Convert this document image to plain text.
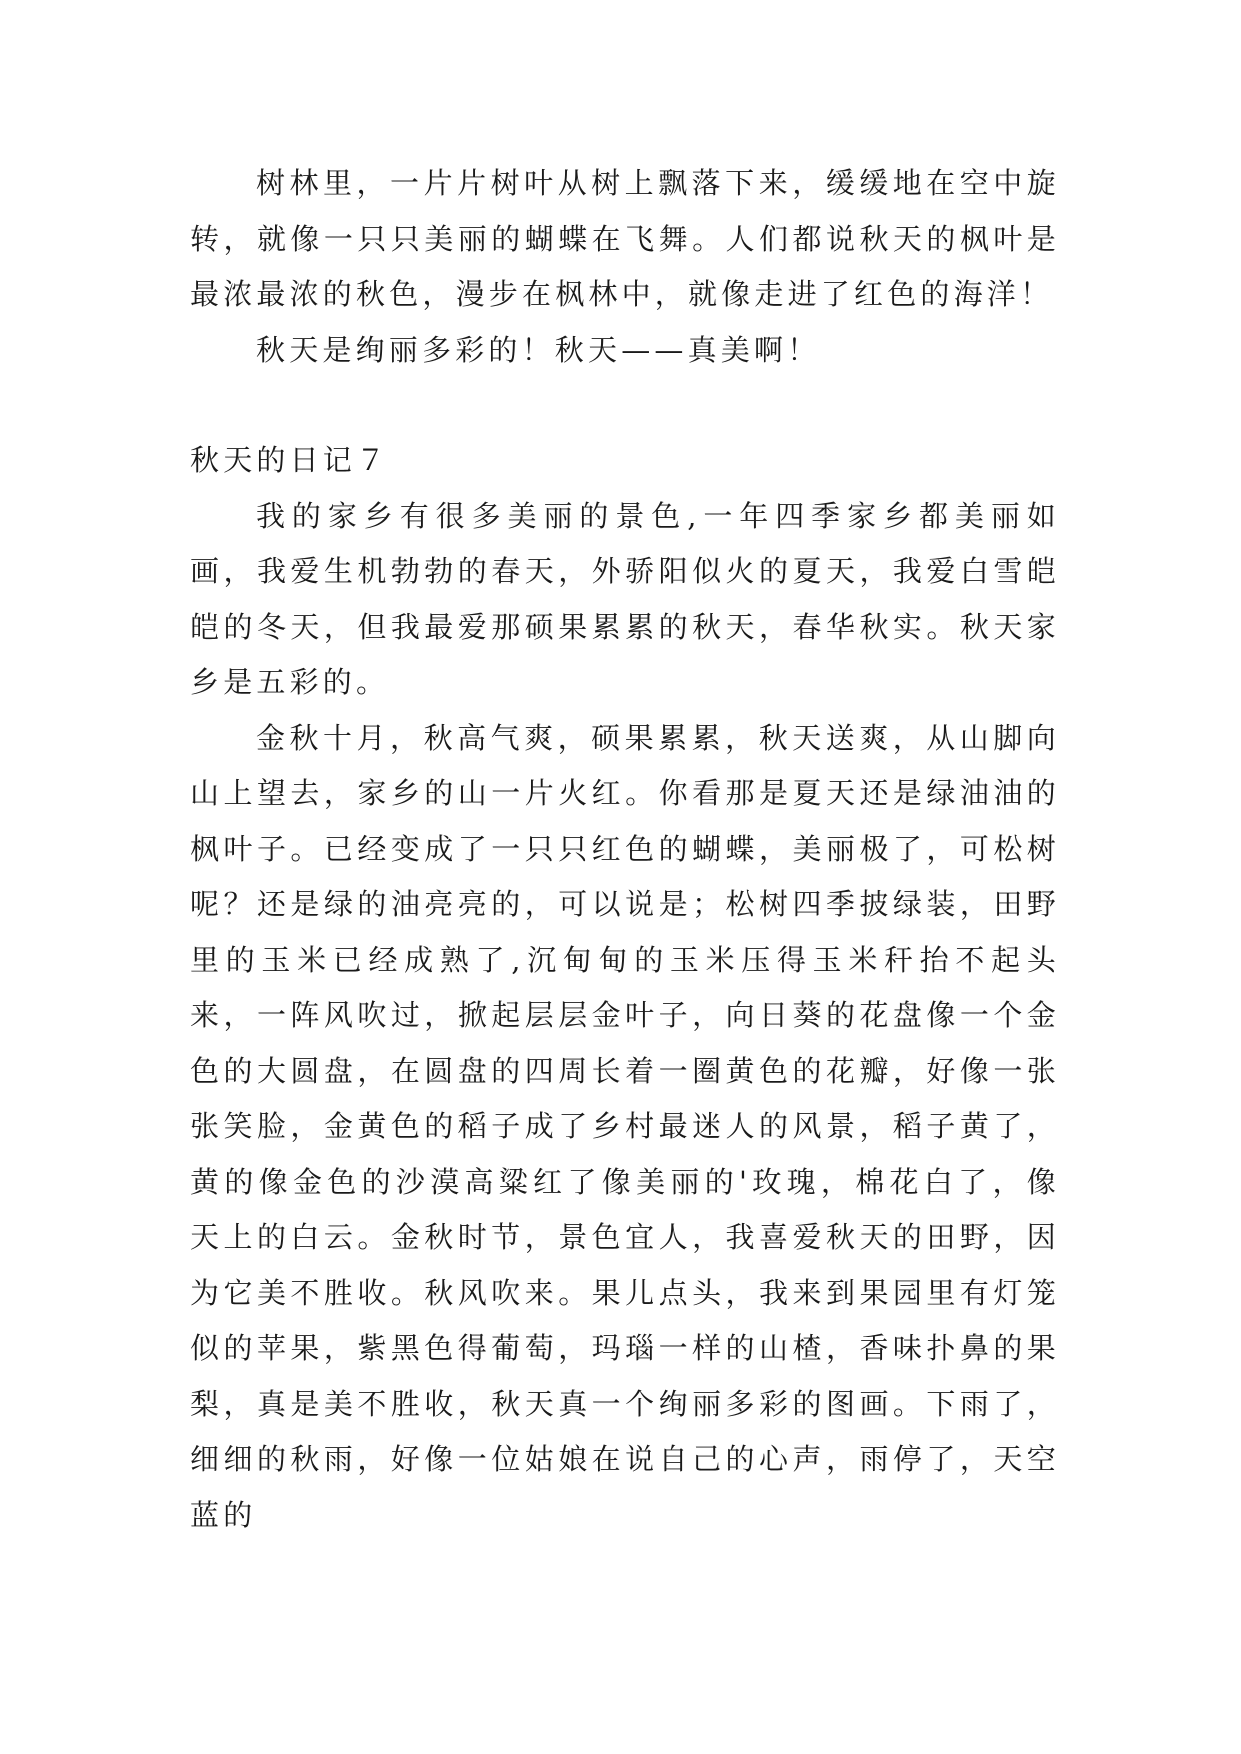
树林里，一片片树叶从树上飘落下来，缓缓地在空中旋转，就像一只只美丽的蝴蝶在飞舞。人们都说秋天的枫叶是最浓最浓的秋色，漫步在枫林中，就像走进了红色的海洋！

秋天是绚丽多彩的！秋天——真美啊！

秋天的日记７

我的家乡有很多美丽的景色,一年四季家乡都美丽如画，我爱生机勃勃的春天，外骄阳似火的夏天，我爱白雪皑皑的冬天，但我最爱那硕果累累的秋天，春华秋实。秋天家乡是五彩的。

金秋十月，秋高气爽，硕果累累，秋天送爽，从山脚向山上望去，家乡的山一片火红。你看那是夏天还是绿油油的枫叶子。已经变成了一只只红色的蝴蝶，美丽极了，可松树呢？还是绿的油亮亮的，可以说是；松树四季披绿装，田野里的玉米已经成熟了,沉甸甸的玉米压得玉米秆抬不起头来，一阵风吹过，掀起层层金叶子，向日葵的花盘像一个金色的大圆盘，在圆盘的四周长着一圈黄色的花瓣，好像一张张笑脸，金黄色的稻子成了乡村最迷人的风景，稻子黄了，黄的像金色的沙漠高粱红了像美丽的'玫瑰，棉花白了，像天上的白云。金秋时节，景色宜人，我喜爱秋天的田野，因为它美不胜收。秋风吹来。果儿点头，我来到果园里有灯笼似的苹果，紫黑色得葡萄，玛瑙一样的山楂，香味扑鼻的果梨，真是美不胜收，秋天真一个绚丽多彩的图画。下雨了，细细的秋雨，好像一位姑娘在说自己的心声，雨停了，天空蓝的
